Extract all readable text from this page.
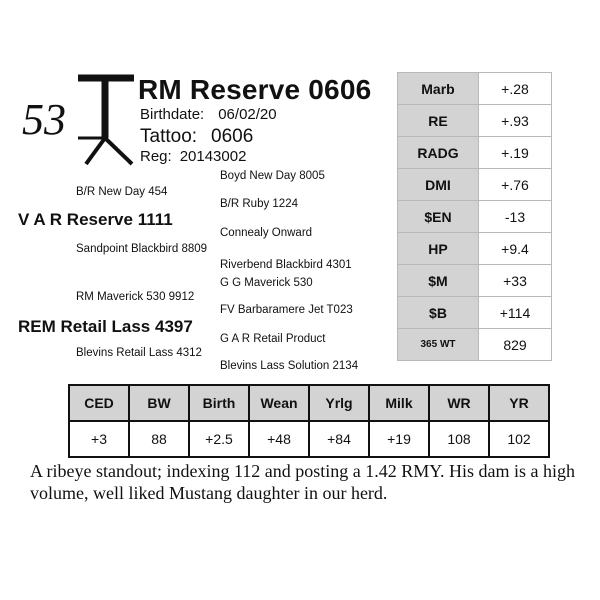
53
RM Reserve 0606
Birthdate: 06/02/20
Tattoo: 0606
Reg: 20143002
Boyd New Day 8005
B/R New Day 454
B/R Ruby 1224
V A R Reserve 1111
Connealy Onward
Sandpoint Blackbird 8809
Riverbend Blackbird 4301
G G Maverick 530
RM Maverick 530 9912
FV Barbaramere Jet T023
REM Retail Lass 4397
G A R Retail Product
Blevins Retail Lass 4312
Blevins Lass Solution 2134
Marb	+.28
RE	+.93
RADG	+.19
DMI	+.76
$EN	-13
HP	+9.4
$M	+33
$B	+114
365 WT	829
CED	BW	Birth	Wean	Yrlg	Milk	WR	YR
+3	88	+2.5	+48	+84	+19	108	102
A ribeye standout; indexing 112 and posting a 1.42 RMY. His dam is a high volume, well liked Mustang daughter in our herd.
